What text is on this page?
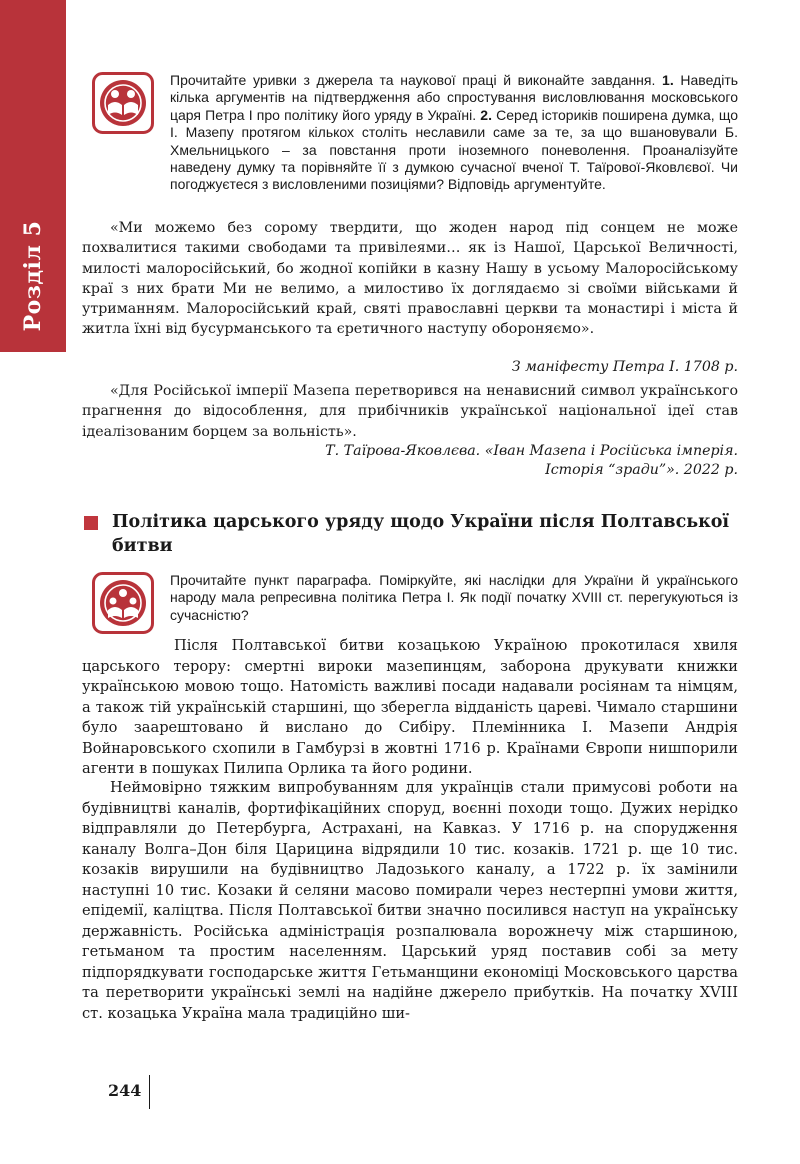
Розділ 5

Прочитайте уривки з джерела та наукової праці й виконайте завдання. 1. Наведіть кілька аргументів на підтвердження або спростування висловлювання московського царя Петра І про політику його уряду в Україні. 2. Серед істориків поширена думка, що І. Мазепу протягом кількох століть неславили саме за те, за що вшановували Б. Хмельницького – за повстання проти іноземного поневолення. Проаналізуйте наведену думку та порівняйте її з думкою сучасної вченої Т. Таїрової-Яковлєвої. Чи погоджуєтеся з висловленими позиціями? Відповідь аргументуйте.

«Ми можемо без сорому твердити, що жоден народ під сонцем не може похвалитися такими свободами та привілеями… як із Нашої, Царської Величності, милості малоросійський, бо жодної копійки в казну Нашу в усьому Малоросійському краї з них брати Ми не велимо, а милостиво їх доглядаємо зі своїми військами й утриманням. Малоросійський край, святі православні церкви та монастирі і міста й житла їхні від бусурманського та єретичного наступу обороняємо».

З маніфесту Петра І. 1708 р.

«Для Російської імперії Мазепа перетворився на ненависний символ українського прагнення до відособлення, для прибічників української національної ідеї став ідеалізованим борцем за вольність».

Т. Таїрова-Яковлєва. «Іван Мазепа і Російська імперія.

Історія “зради”». 2022 р.

Політика царського уряду щодо України після Полтавської битви

Прочитайте пункт параграфа. Поміркуйте, які наслідки для України й українського народу мала репресивна політика Петра І. Як події початку XVIII ст. перегукуються із сучасністю?

Після Полтавської битви козацькою Україною прокотилася хвиля царського терору: смертні вироки мазепинцям, заборона друкувати книжки українською мовою тощо. Натомість важливі посади надавали росіянам та німцям, а також тій українській старшині, що зберегла відданість цареві. Чимало старшини було заарештовано й вислано до Сибіру. Племінника І. Мазепи Андрія Войнаровського схопили в Гамбурзі в жовтні 1716 р. Країнами Європи нишпорили агенти в пошуках Пилипа Орлика та його родини.

Неймовірно тяжким випробуванням для українців стали примусові роботи на будівництві каналів, фортифікаційних споруд, воєнні походи тощо. Дужих нерідко відправляли до Петербурга, Астрахані, на Кавказ. У 1716 р. на спорудження каналу Волга–Дон біля Царицина відрядили 10 тис. козаків. 1721 р. ще 10 тис. козаків вирушили на будівництво Ладозького каналу, а 1722 р. їх замінили наступні 10 тис. Козаки й селяни масово помирали через нестерпні умови життя, епідемії, каліцтва. Після Полтавської битви значно посилився наступ на українську державність. Російська адміністрація розпалювала ворожнечу між старшиною, гетьманом та простим населенням. Царський уряд поставив собі за мету підпорядкувати господарське життя Гетьманщини економіці Московського царства та перетворити українські землі на надійне джерело прибутків. На початку XVIII ст. козацька Україна мала традиційно ши-

244
